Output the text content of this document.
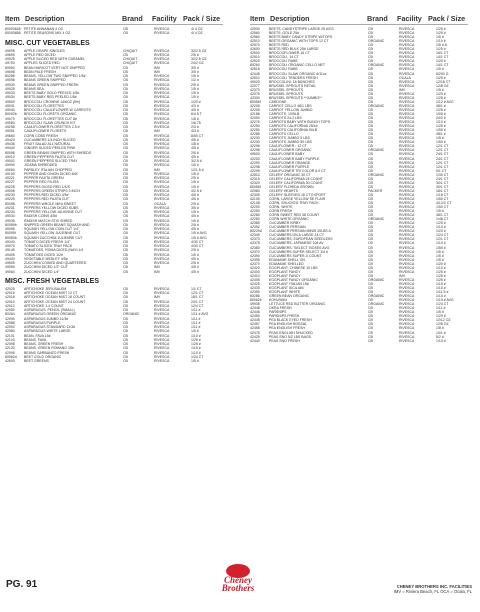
Item Description	Brand	Facility Pack / Size
80000648 PETITE ANNANAN 4 OZ	CB	RIVESCA	4/ 4 OZ
80000658 PETITE SEASONS MIX 4 OZ	CB	RIVESCA	4/ 4 OZ
MISC. CUT VEGETABLES
49095	APPLE GRAPE SINGLES	CHIQUIT	RIVESCA	32/2.5 OZ
49699	APPLE RED DICED	CB	RIVESCA	2/5 #
49025	APPLE SLICED RED WITH CARAMEL	CHIQUIT	RIVESCA	32/2.5 OZ
49700	APPLES SLICED RED	CHIQUIT	RIVESCA	24/2 OZ
89050	BEAN HARICOT VERT NOT SNIPPED	CB	IMV	3/5 #
49698	BEAN PALE FRESH	CB	IMV	3/5 #
80288	BEANS, YELLOW TWO SNIPPED 1/5#	CB	RIVESCA	1/5 #
49095	BEANS GREEN SNIPPED	CB	RIVESCA	1/2 #
49030	BEANS GREEN SNIPPED FRESH	CB	RIVESCA	2/5 #
49025	BEANS SEA	CB	RIVESCA	1/5 #
49033	BEETS BABY GOLD PEELED 1/5#	CB	RIVESCA	1/5 #
49034	BEETS BABY RED PEELED 1/5#	CB	RIVESCA	1/5 #
49509	BROCCOLI CROWNS 14/6OZ (5%)	CB	RIVESCA	1/20 #
49031	BROCCOLI FLORETTES	CB	RIVESCA	4/3 #
49040	BROCCOLI CAULIFLOWER W CARROTS	CB	RIVESCA	4/5 #
80092b	BROCCOLI FLORETS ORGANIC	CB	RIVESCA	6/4.5 T
49070	BROCCOLI FLORETTES CUT 8#	CB	RIVESCA	1/8 #
49080	BROCCOLI SLAW CRUNCH KIT	CB	RIVESCA	1/6.75
49298	CAULIFLOWER FLORETTES 2.5 #	CB	RIVESCA	2/3 #
49051	CAULIFLOWER FLORETS	CB	IMV	4/3 #
49660	CORN COBS FRESH	CB	RIVESCA	8/50 CT
49420	CUCUMBERS 1/4 INCH SLICED	CB	RIVESCA	4/5 #
49436	FRUIT SALAD ALL NATURAL	CB	RIVESCA	1/8 #
49440	GINGER SLICED PEELED PINK	CB	RIVESCA	4/5 #
80098	GREEN BEANS SNIPPED WITH SHREDS	CB	RIVESCA	2/5 #
49010	GREEN PEPPERS FAJITA CUT	CB	RIVESCA	4/5 #
49002	GREEN PEPPERS SLICED TRAY	CB	RIVESCA	3/2.5 #
49099	JICAMA SHREDDED	CB	RIVESCA	1/5 #
49060	PARSLEY ITALIAN CHOPPED	CB	IMV	12/1.5 #
49190	PEPPER AND ONION DICED MIX	CB	RIVESCA	1/5 #
49221	PEPPER FAJITA GREEN	CB	RIVESCA	2/5 #
49227	PEPPER RED FAJITA	CB	RIVESCA	1/5 #
49225	PEPPERS DICED RED 1/4/S	CB	RIVESCA	1/5 #
49008	PEPPERS GREEN STRIPS 3 INCH	CB	RIVESCA	4/2.5 #
49230	PEPPERS RED DICED 4/5#	CB	RIVESCA	4/5 #
49225	PEPPERS RED FAJITA CUT	CB	RIVESCA	4/5 #
80098	PEPPERS WHOLE MINI SWEET	CB	OCALA	2/5 #
49231	PEPPERS YELLOW DICED SUBS	CB	RIVESCA	3/5 #
49233	PEPPERS YELLOW JULIENNE CUT	CB	RIVESCA	1/5 #
49034	RADISH COINS 4/5#	CB	RIVESCA	4/5 #
49035	RADISH MATCH STIX SHRED	CB	RIVESCA	1/5 #
80089b	SNIPPED GREEN BEANS SQUASH AND	CB	RIVESCA	2/5 #
49095	SQUASH YELLOW COIN CUT 1/4"	CB	RIVESCA	4/5 #
80095f	SQUASH YELLOW JULIENNE CUT	CB	RIVESCA	1/5 # AVG
80083b	SQUASH ZUCCHINI JULIENNE CUT	CB	RIVESCA	1/5 # AVG
49240	TOMATO DICED FRESH 1/4"	CB	RIVESCA	4/30 CT
49070	TOMATO SLICED TRAY PACK	CB	RIVESCA	4/30 CT
49145	TOMATOES, ROMA DICED (NAYL1/4	CB	RIVESCA	2/5 #
49405	TOMATOES DICED 1/2#	CB	RIVESCA	1/5 #
49400	VEGETABLE MEDLEY 4/5#	CB	RIVESCA	4/5 #
49505	ZUCCHINI COINED AND QUARTERED	CB	RIVESCA	2/5 #
49059	ZUCCHINI DICED 1/2" CUT	CB	IMV	4/5 #
49060	ZUCCHINI DICED 1/4"	CB	IMV	4/5 #
MISC. FRESH VEGETABLES
42025	ARTICHOKE JERUSALEM	CB	RIVESCA	1/1 CT
42016	ARTICHOKE OCEAN MIST 12 CT	CB	RIVESCA	12/1 CT
42018	ARTICHOKE OCEAN MIST 18 COUNT	CB	IMV	18/1 CT
42010	ARTICHOKE OCEAN MIST 24 COUNT	CB	RIVESCA	24/1 CT
42012	ARTICHOKE 1.4 COUNT	CB	RIVESCA	12/4 CT
42050	ASPARAGUS, PENCIL (SMALL)	CB	RIVESCA	1/11 #
80264	ASPARAGUS GREEN ORGANIC	ORGANIC	RIVESCA	1/11 # AVG
42090	ASPARAGUS JUMBO 11/3#	CB	RIVESCA	1/11 #
42088	ASPARAGUS PURPLE	CB	RIVESCA	1/11 #
42092	ASPARAGUS STANDARD 11/3#	CB	RIVESCA	1/11 #
42080	ASPARAGUS WHITE LARGE	CB	RIVESCA	1/5 #
42101	BEAN, FAVA 15#	CB	RIVESCA	1/10 #
42103	BEANS, FAVA	CB	RIVESCA	1/25 #
42098	BEANS, GREEN FRESH	CB	RIVESCA	1/25 #
42120	BEANS, GREEN ROMANO 15#	CB	RIVESCA	1/15 #
42095	BEANS GARBANZO FRESH	CB	RIVESCA	1/10 #
80062d	BEET GOLD ORGANIC	CB	RIVESCA	1/24 CT
42600	BEET GREENS	CB	RIVESCA	1/5 #
Item Description	Brand	Facility Pack / Size
42530	BEETS, CANDYSTRIPE LARGE 25 #/CS	CB	RIVESCA	1/25 #
42560	BEETS, GOLD 25#	CB	RIVESCA	1/25 #
42560	BEETS BABY CANDY STRIPE W/TOPS	CB	RIVESCA	1/5 #
42510	BEETS ORGANIC WITH TOPS 12 CT	ORGANIC	RIVESCA	1/10 #
42570	BEETS RED	CB	RIVESCA	1/5 # A
42600	BEETS RED BULK 25# LARGE	CB	RIVESCA	1/25 #
42500	BROCCOFLOWER 16 CT	CB	RIVESCA	16/1 CT
42510	BROCCOLI, 14 CT	CB	RIVESCA	14/1 CT
42520	BROCCOLI RABE	CB	RIVESCA	1/20 #
80264	BROCCOLI ORGANIC CELLO NET	ORGANIC	RIVESCA	14/1 CT
42515	BROCCOLI RABE	CB	RIVESCA	1/5 #
42445	BROCCOLI SLAW ORGANIC 6/11oz	CB	RIVESCA	6/200 G
42510	BROCCOLI TENDERS FRESH	CB	OCALA	1/25 #
49020	BROCCOLINI, 18 BUNCHES	CB	RIVESCA	12/18 CT
42077	BRUSSEL SPROUTS RETAIL	CB	RIVESCA	12/8 OZ
42370	BRUSSEL SPROUTS	CB	IMV	1/5 #
42075	BRUSSEL SPROUTS	CB	RIVESCA	1/25 #
42300	BRUSSEL SPROUTS **JUMBO**	CB	RIVESCA	1/25 #
80056f	CARDONE	CB	RIVESCA	1/12 # AVG
42205	CARROT CELLO 48/1 LBS	ORGANIC	RIVESCA	48/1 #
42205	CARROT YELLOW JUMBO	CB	RIVESCA	1/25 #
42186	CARROTS, 10/5LB	CB	RIVESCA	10/5 #
42090	CARROTS 24-2 LBS	CB	RIVESCA	24/2 #
42276	CARROTS BABY WITH BUNCH TOPS	CB	RIVESCA	1/10 #
42250	CARROTS CALIFORNIA 25/1#	CB	RIVESCA	1/25 #
42250	CARROTS CALIFORNIA 50LB	CB	RIVESCA	1/50 #
42285	CARROTS CELLO	CB	RIVESCA	48/1 #
42230	CARROTS JUMBO 5 LBS	CB	RIVESCA	1/5 #
42230	CARROTS JUMBO 50 LBS	CB	RIVESCA	1/50 #
42296	CAULIFLOWER - 12 CT	CB	RIVESCA	12/1 CT
42298	CAULIFLOWER ORGANIC	ORGANIC	RIVESCA	12/1 CT
49600	CAULIFLOWER BABY	CB	RIVESCA	24/1 CT
42200	CAULIFLOWER BABY PURPLE	CB	RIVESCA	24/1 CT
42290	CAULIFLOWER ORANGE	CB	RIVESCA	12/1 CT
42298	CAULIFLOWER PURPLE	CB	RIVESCA	12/1 CT
42299	CAULIFLOWER TRI COLOR 6-9 CT	CB	RIVESCA	9/1 CT
42510	CELERY ORGANIC 30 CT	ORGANIC	RIVESCA	1/30 CT
42315	CELERY CALIFORNIA 24 COUNT	CB	RIVESCA	24/1 CT
42320	CELERY CALIFORNIA 30 COUNT	CB	RIVESCA	30/1 CT
80056f	CELERY FLORIDA GROWN	CB	RIVESCA	30/1 CT
42560	CELERY HEARTS	PACKER	RIVESCA	18/1 CT
42305	CELERY SLEEVED 18 CT EXPORT	CB	RIVESCA	1/18 CT
42105	CORN, LARGE YELLOW SE FLAIR	CB	RIVESCA	1/50 CT
42108	CORN, SHUCKED TRAY PACK	CB	RIVESCA	4/12/2 CT
42290	CORN, WHITE	CB	RIVESCA	1/50 CT
42250	CORN FRESH	CB	RIVESCA	1/5 #
42260	CORN SWEET RED 48 COUNT	CB	RIVESCA	48/1 CT
42260	CORN WHITE ORGANIC	ORGANIC	RIVESCA	1/48 CT
42385	CUCUMBER KIRBY	CB	RIVESCA	1/25 #
42392	CUCUMBER PERSIAN	CB	RIVESCA	1/10 #
80229d	CUCUMBER PERSIAN MINIS 20LBS A	CB	RIVESCA	1/20 #
42349	CUCUMBERS ON A LARGE 24 CT	CB	RIVESCA	1/24 CT
42370	CUCUMBERS, EUROPEAN SEEDLESS	CB	RIVESCA	12/1 CT
42375	CUCUMBERS, JAPANESE 10# AV	CB	RIVESCA	1/10 #
42380	CUCUMBERS, 'SELECT' BOXES AVG	CB	RIVESCA	1/50 #
42370	CUCUMBERS SUPER SELECT 1/4 #	CB	RIVESCA	1/5 #
42390	CUCUMBERS SUPER-X COUNT	CB	RIVESCA	1/5 #
42395	EDAMAME SHELL ON	CB	RIVESCA	1/5 #
42370	EDAMAME SHELLED	CB	RIVESCA	1/20 #
42420	EGGPLANT, CHINESE 10 LBS	CB	RIVESCA	1/10 #
42400	EGGPLANT FANCY	CB	RIVESCA	1/25 #
42410	EGGPLANT FANCY	CB	IMV	1/25 #
42405	EGGPLANT FANCY ORGANIC	ORGANIC	RIVESCA	1/25 #
42425	EGGPLANT ITALIAN 15#	CB	RIVESCA	1/15 #
42430	EGGPLANT SICILIAN	CB	RIVESCA	1/10 #
42390	EGGPLANT WHITE	CB	RIVESCA	1/11 5 #
80286	GREEN BEAN ORGANIC	ORGANIC	RIVESCA	1/10 #
80062b	KOHLRABI	CB	RIVESCA	1/10 # AVG
49935	LETTUCE RED BUTTER ORGANIC	ORGANIC	RIVESCA	1/24 CT
42448	OKRA FRESH	CB	RIVESCA	1/11 #
42446	PARSNIPS	CB	RIVESCA	1/5 #
42450	PARSNIPS FRESH	CB	RIVESCA	1/20 #
42445	PEA BLACK EYED FRESH	CB	RIVESCA	12/12 OZ
42457	PEA ENGLISH BOSSAL	CB	RIVESCA	12/8 OZ
42455	PEA ENGLISH FRESH	CB	RIVESCA	1/8 #
42475	PEAS ENGLISH SHUCKED	CB	RIVESCA	10/1 #
42425	PEAS SNO 5/2 LBS BAGS	CB	RIVESCA	5/2 #
42440	PEAS SNO FRESH	CB	RIVESCA	1/10 #
PG. 91	Cheney
Brothers	CHENEY BROTHERS INC. FACILITIES
IMV = Riviera Beach, FL OCA = Ocala, FL
